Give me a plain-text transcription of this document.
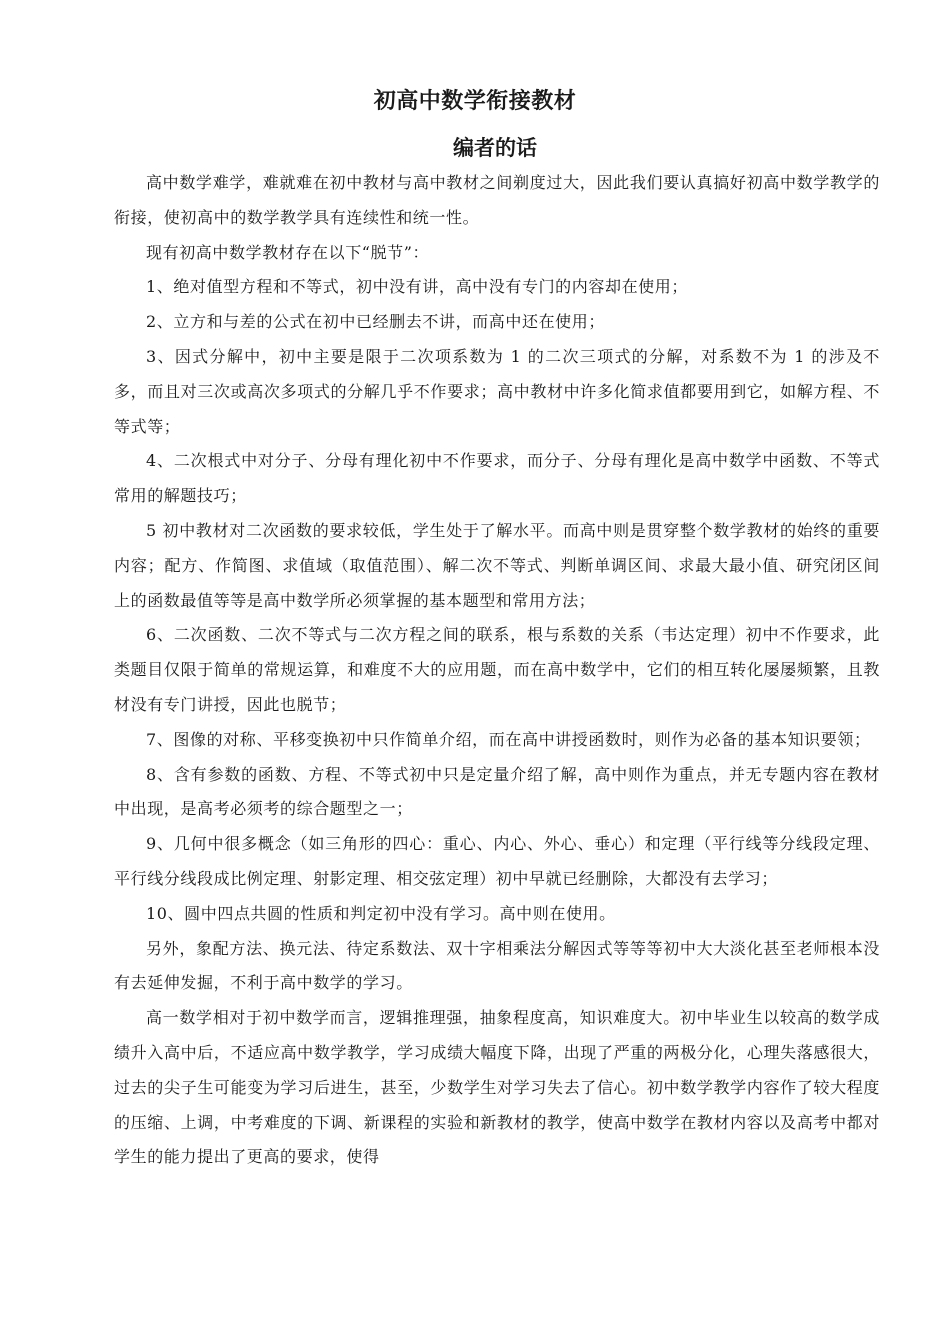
初高中数学衔接教材
编者的话

高中数学难学，难就难在初中教材与高中教材之间剃度过大，因此我们要认真搞好初高中数学教学的衔接，使初高中的数学教学具有连续性和统一性。

现有初高中数学教材存在以下“脱节”：

1、绝对值型方程和不等式，初中没有讲，高中没有专门的内容却在使用；

2、立方和与差的公式在初中已经删去不讲，而高中还在使用；

3、因式分解中，初中主要是限于二次项系数为 1 的二次三项式的分解，对系数不为 1 的涉及不多，而且对三次或高次多项式的分解几乎不作要求；高中教材中许多化简求值都要用到它，如解方程、不等式等；

4、二次根式中对分子、分母有理化初中不作要求，而分子、分母有理化是高中数学中函数、不等式常用的解题技巧；

5 初中教材对二次函数的要求较低，学生处于了解水平。而高中则是贯穿整个数学教材的始终的重要内容；配方、作简图、求值域（取值范围）、解二次不等式、判断单调区间、求最大最小值、研究闭区间上的函数最值等等是高中数学所必须掌握的基本题型和常用方法；

6、二次函数、二次不等式与二次方程之间的联系，根与系数的关系（韦达定理）初中不作要求，此类题目仅限于简单的常规运算，和难度不大的应用题，而在高中数学中，它们的相互转化屡屡频繁，且教材没有专门讲授，因此也脱节；

7、图像的对称、平移变换初中只作简单介绍，而在高中讲授函数时，则作为必备的基本知识要领；

8、含有参数的函数、方程、不等式初中只是定量介绍了解，高中则作为重点，并无专题内容在教材中出现，是高考必须考的综合题型之一；

9、几何中很多概念（如三角形的四心：重心、内心、外心、垂心）和定理（平行线等分线段定理、平行线分线段成比例定理、射影定理、相交弦定理）初中早就已经删除，大都没有去学习；

10、圆中四点共圆的性质和判定初中没有学习。高中则在使用。

另外，象配方法、换元法、待定系数法、双十字相乘法分解因式等等等初中大大淡化甚至老师根本没有去延伸发掘，不利于高中数学的学习。

高一数学相对于初中数学而言，逻辑推理强，抽象程度高，知识难度大。初中毕业生以较高的数学成绩升入高中后，不适应高中数学教学，学习成绩大幅度下降，出现了严重的两极分化，心理失落感很大，过去的尖子生可能变为学习后进生，甚至，少数学生对学习失去了信心。初中数学教学内容作了较大程度的压缩、上调，中考难度的下调、新课程的实验和新教材的教学，使高中数学在教材内容以及高考中都对学生的能力提出了更高的要求，使得
